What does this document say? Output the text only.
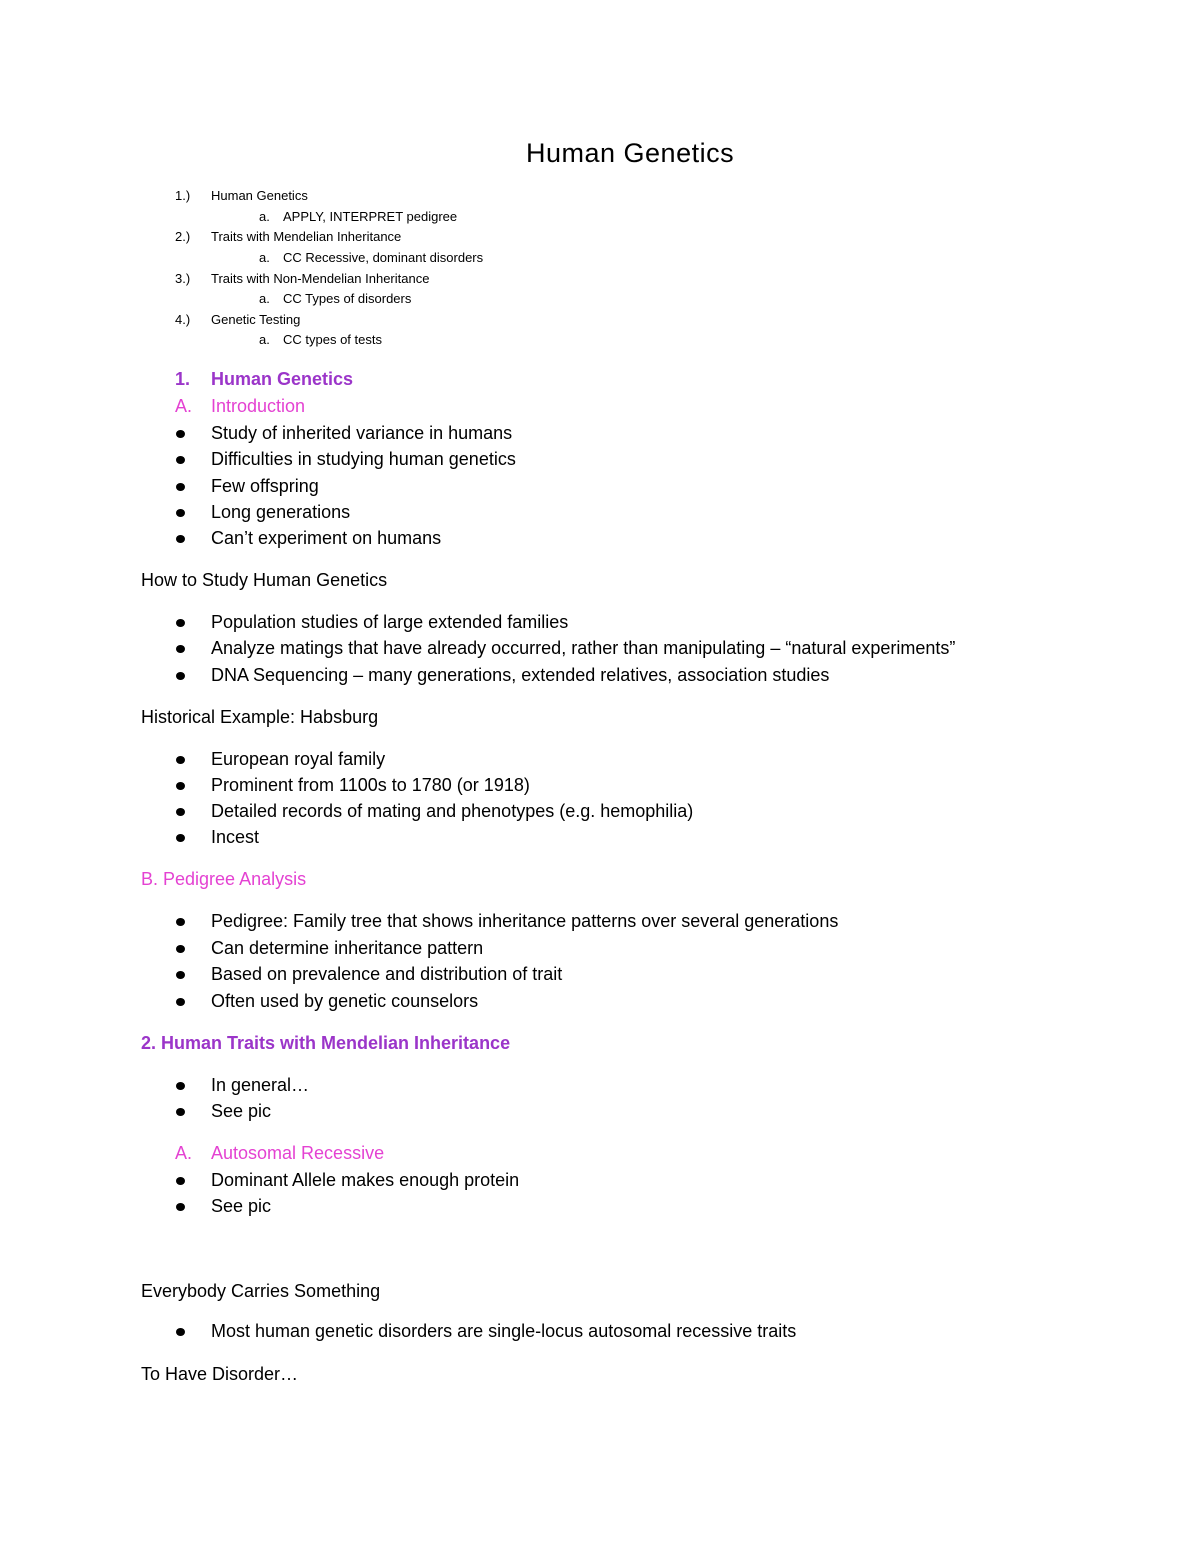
Human Genetics
1.) Human Genetics
a. APPLY, INTERPRET pedigree
2.) Traits with Mendelian Inheritance
a. CC Recessive, dominant disorders
3.) Traits with Non-Mendelian Inheritance
a. CC Types of disorders
4.) Genetic Testing
a. CC types of tests
1. Human Genetics
A. Introduction
Study of inherited variance in humans
Difficulties in studying human genetics
Few offspring
Long generations
Can’t experiment on humans
How to Study Human Genetics
Population studies of large extended families
Analyze matings that have already occurred, rather than manipulating – “natural experiments”
DNA Sequencing – many generations, extended relatives, association studies
Historical Example: Habsburg
European royal family
Prominent from 1100s to 1780 (or 1918)
Detailed records of mating and phenotypes (e.g. hemophilia)
Incest
B. Pedigree Analysis
Pedigree: Family tree that shows inheritance patterns over several generations
Can determine inheritance pattern
Based on prevalence and distribution of trait
Often used by genetic counselors
2. Human Traits with Mendelian Inheritance
In general…
See pic
A. Autosomal Recessive
Dominant Allele makes enough protein
See pic
Everybody Carries Something
Most human genetic disorders are single-locus autosomal recessive traits
To Have Disorder…
